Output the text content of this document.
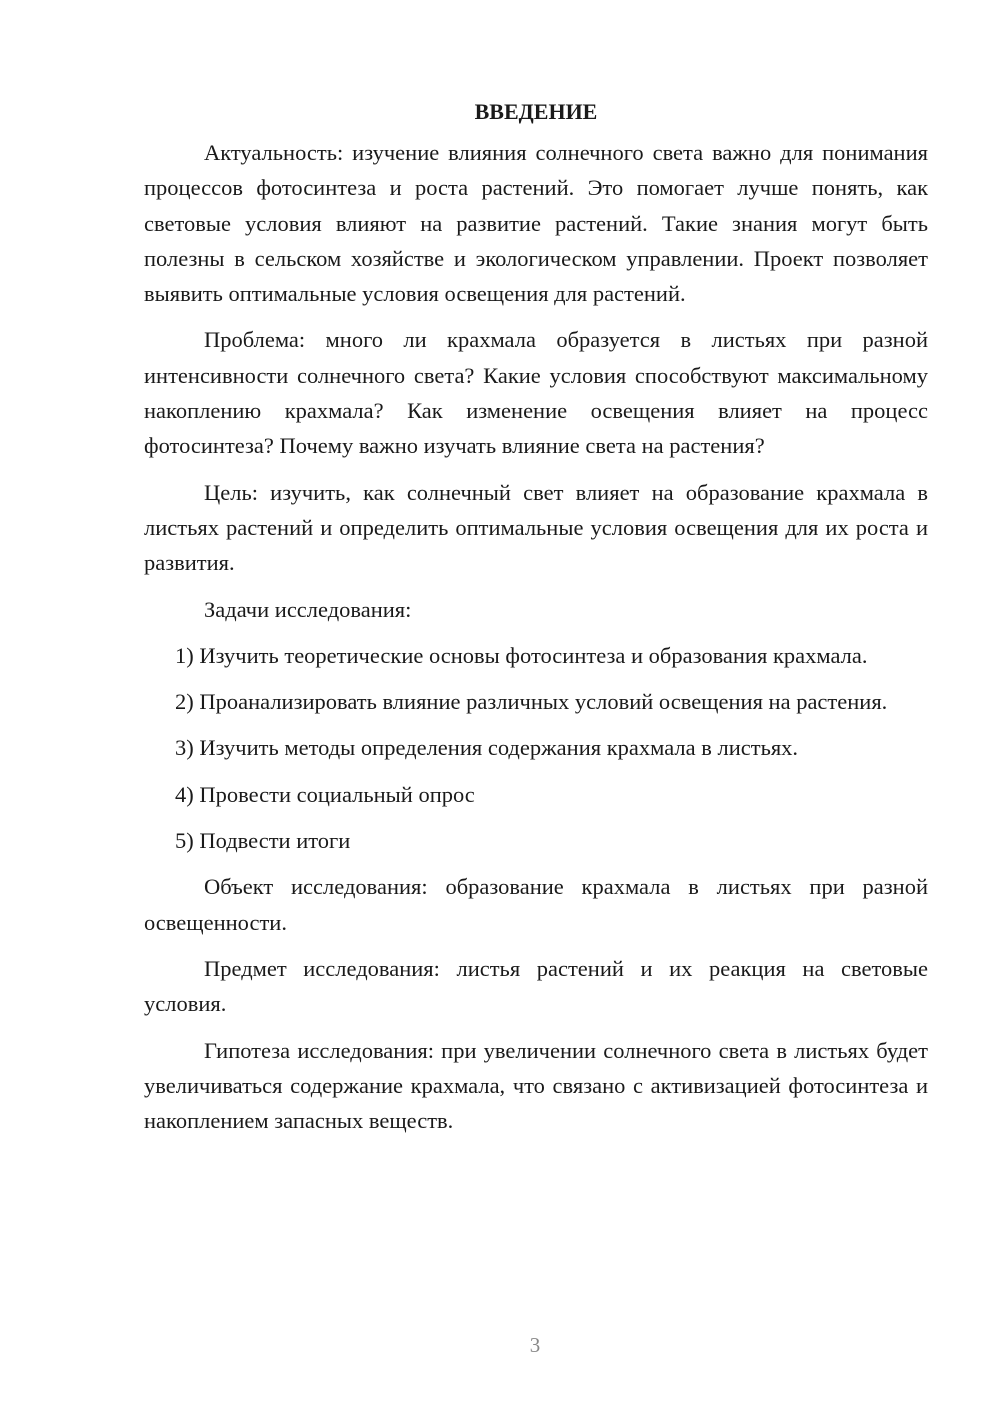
ВВЕДЕНИЕ

Актуальность: изучение влияния солнечного света важно для понимания процессов фотосинтеза и роста растений. Это помогает лучше понять, как световые условия влияют на развитие растений. Такие знания могут быть полезны в сельском хозяйстве и экологическом управлении. Проект позволяет выявить оптимальные условия освещения для растений.

Проблема: много ли крахмала образуется в листьях при разной интенсивности солнечного света? Какие условия способствуют максимальному накоплению крахмала? Как изменение освещения влияет на процесс фотосинтеза? Почему важно изучать влияние света на растения?

Цель: изучить, как солнечный свет влияет на образование крахмала в листьях растений и определить оптимальные условия освещения для их роста и развития.

Задачи исследования:

1) Изучить теоретические основы фотосинтеза и образования крахмала.

2) Проанализировать влияние различных условий освещения на растения.

3) Изучить методы определения содержания крахмала в листьях.

4) Провести социальный опрос

5) Подвести итоги

Объект исследования: образование крахмала в листьях при разной освещенности.

Предмет исследования: листья растений и их реакция на световые условия.

Гипотеза исследования: при увеличении солнечного света в листьях будет увеличиваться содержание крахмала, что связано с активизацией фотосинтеза и накоплением запасных веществ.

3
